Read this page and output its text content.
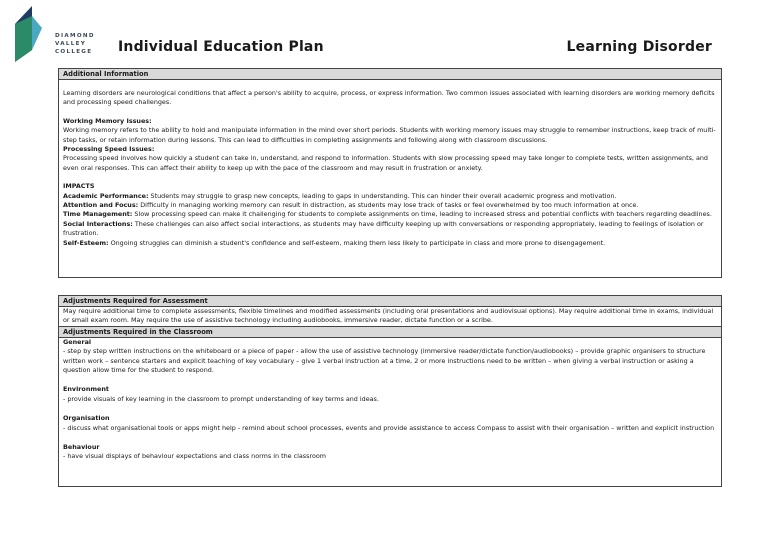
DIAMOND
VALLEY
COLLEGE Individual Education Plan	Learning Disorder
Additional Information

Learning disorders are neurological conditions that affect a person's ability to acquire, process, or express information. Two common issues associated with learning disorders are working memory deficits and processing speed challenges.

Working Memory Issues:

Working memory refers to the ability to hold and manipulate information in the mind over short periods. Students with working memory issues may struggle to remember instructions, keep track of multi-step tasks, or retain information during lessons. This can lead to difficulties in completing assignments and following along with classroom discussions.

Processing Speed Issues:

Processing speed involves how quickly a student can take in, understand, and respond to information. Students with slow processing speed may take longer to complete tests, written assignments, and even oral responses. This can affect their ability to keep up with the pace of the classroom and may result in frustration or anxiety.

IMPACTS

Academic Performance: Students may struggle to grasp new concepts, leading to gaps in understanding. This can hinder their overall academic progress and motivation.

Attention and Focus: Difficulty in managing working memory can result in distraction, as students may lose track of tasks or feel overwhelmed by too much information at once.

Time Management: Slow processing speed can make it challenging for students to complete assignments on time, leading to increased stress and potential conflicts with teachers regarding deadlines.

Social Interactions: These challenges can also affect social interactions, as students may have difficulty keeping up with conversations or responding appropriately, leading to feelings of isolation or frustration.

Self-Esteem: Ongoing struggles can diminish a student's confidence and self-esteem, making them less likely to participate in class and more prone to disengagement.

Adjustments Required for Assessment

May require additional time to complete assessments, flexible timelines and modified assessments (including oral presentations and audiovisual options). May require additional time in exams, individual or small exam room. May require the use of assistive technology including audiobooks, immersive reader, dictate function or a scribe.

Adjustments Required in the Classroom

General

- step by step written instructions on the whiteboard or a piece of paper - allow the use of assistive technology (immersive reader/dictate function/audiobooks) – provide graphic organisers to structure written work – sentence starters and explicit teaching of key vocabulary – give 1 verbal instruction at a time, 2 or more instructions need to be written – when giving a verbal instruction or asking a question allow time for the student to respond.

Environment

- provide visuals of key learning in the classroom to prompt understanding of key terms and ideas.

Organisation

- discuss what organisational tools or apps might help - remind about school processes, events and provide assistance to access Compass to assist with their organisation – written and explicit instruction

Behaviour

- have visual displays of behaviour expectations and class norms in the classroom
